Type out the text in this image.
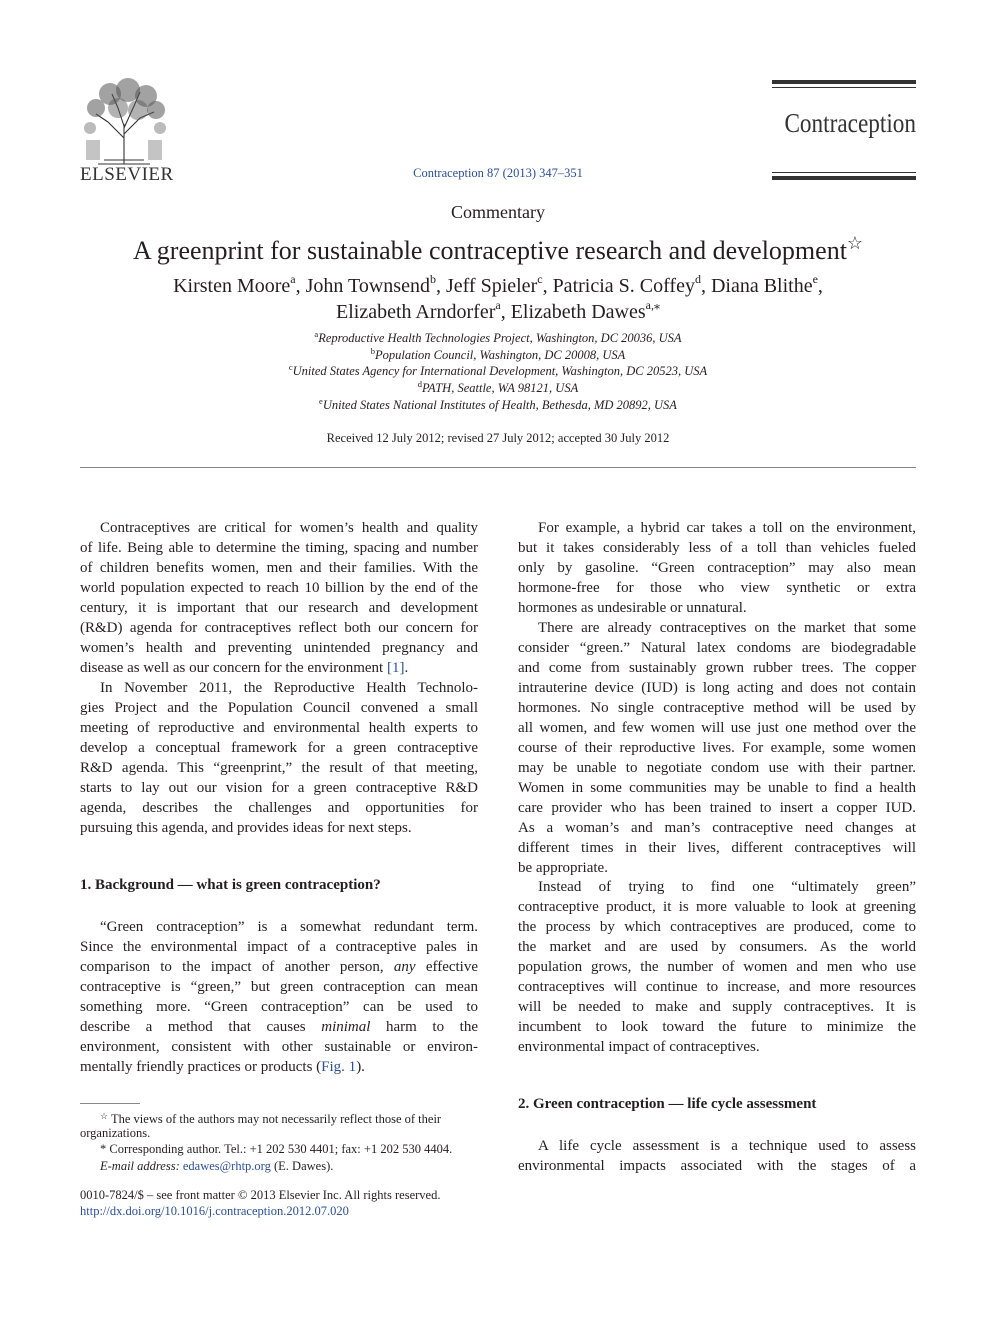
ELSEVIER	Contraception 87 (2013) 347–351
Contraception
Commentary
A greenprint for sustainable contraceptive research and development☆
Kirsten Moore$^a$, John Townsend$^b$, Jeff Spieler$^c$, Patricia S. Coffey$^d$, Diana Blithe$^e$,
Elizabeth Arndorfer$^a$, Elizabeth Dawes$^{a,⁎}$
$^a$Reproductive Health Technologies Project, Washington, DC 20036, USA
$^b$Population Council, Washington, DC 20008, USA
$^c$United States Agency for International Development, Washington, DC 20523, USA
$^d$PATH, Seattle, WA 98121, USA
$^e$United States National Institutes of Health, Bethesda, MD 20892, USA
Received 12 July 2012; revised 27 July 2012; accepted 30 July 2012
Contraceptives are critical for women’s health and quality
of life. Being able to determine the timing, spacing and number
of children benefits women, men and their families. With the
world population expected to reach 10 billion by the end of the
century, it is important that our research and development
(R&D) agenda for contraceptives reflect both our concern for
women’s health and preventing unintended pregnancy and
disease as well as our concern for the environment [1].
In November 2011, the Reproductive Health Technolo-
gies Project and the Population Council convened a small
meeting of reproductive and environmental health experts to
develop a conceptual framework for a green contraceptive
R&D agenda. This “greenprint,” the result of that meeting,
starts to lay out our vision for a green contraceptive R&D
agenda, describes the challenges and opportunities for
pursuing this agenda, and provides ideas for next steps.
1. Background — what is green contraception?
“Green contraception” is a somewhat redundant term.
Since the environmental impact of a contraceptive pales in
comparison to the impact of another person, any effective
contraceptive is “green,” but green contraception can mean
something more. “Green contraception” can be used to
describe a method that causes minimal harm to the
environment, consistent with other sustainable or environ-
mentally friendly practices or products (Fig. 1).
For example, a hybrid car takes a toll on the environment,
but it takes considerably less of a toll than vehicles fueled
only by gasoline. “Green contraception” may also mean
hormone-free for those who view synthetic or extra
hormones as undesirable or unnatural.
There are already contraceptives on the market that some
consider “green.” Natural latex condoms are biodegradable
and come from sustainably grown rubber trees. The copper
intrauterine device (IUD) is long acting and does not contain
hormones. No single contraceptive method will be used by
all women, and few women will use just one method over the
course of their reproductive lives. For example, some women
may be unable to negotiate condom use with their partner.
Women in some communities may be unable to find a health
care provider who has been trained to insert a copper IUD.
As a woman’s and man’s contraceptive need changes at
different times in their lives, different contraceptives will
be appropriate.
Instead of trying to find one “ultimately green”
contraceptive product, it is more valuable to look at greening
the process by which contraceptives are produced, come to
the market and are used by consumers. As the world
population grows, the number of women and men who use
contraceptives will continue to increase, and more resources
will be needed to make and supply contraceptives. It is
incumbent to look toward the future to minimize the
environmental impact of contraceptives.
2. Green contraception — life cycle assessment
A life cycle assessment is a technique used to assess
environmental impacts associated with the stages of a
☆ The views of the authors may not necessarily reflect those of their
organizations.
* Corresponding author. Tel.: +1 202 530 4401; fax: +1 202 530 4404.
E-mail address: edawes@rhtp.org (E. Dawes).
0010-7824/$ – see front matter © 2013 Elsevier Inc. All rights reserved.
http://dx.doi.org/10.1016/j.contraception.2012.07.020
